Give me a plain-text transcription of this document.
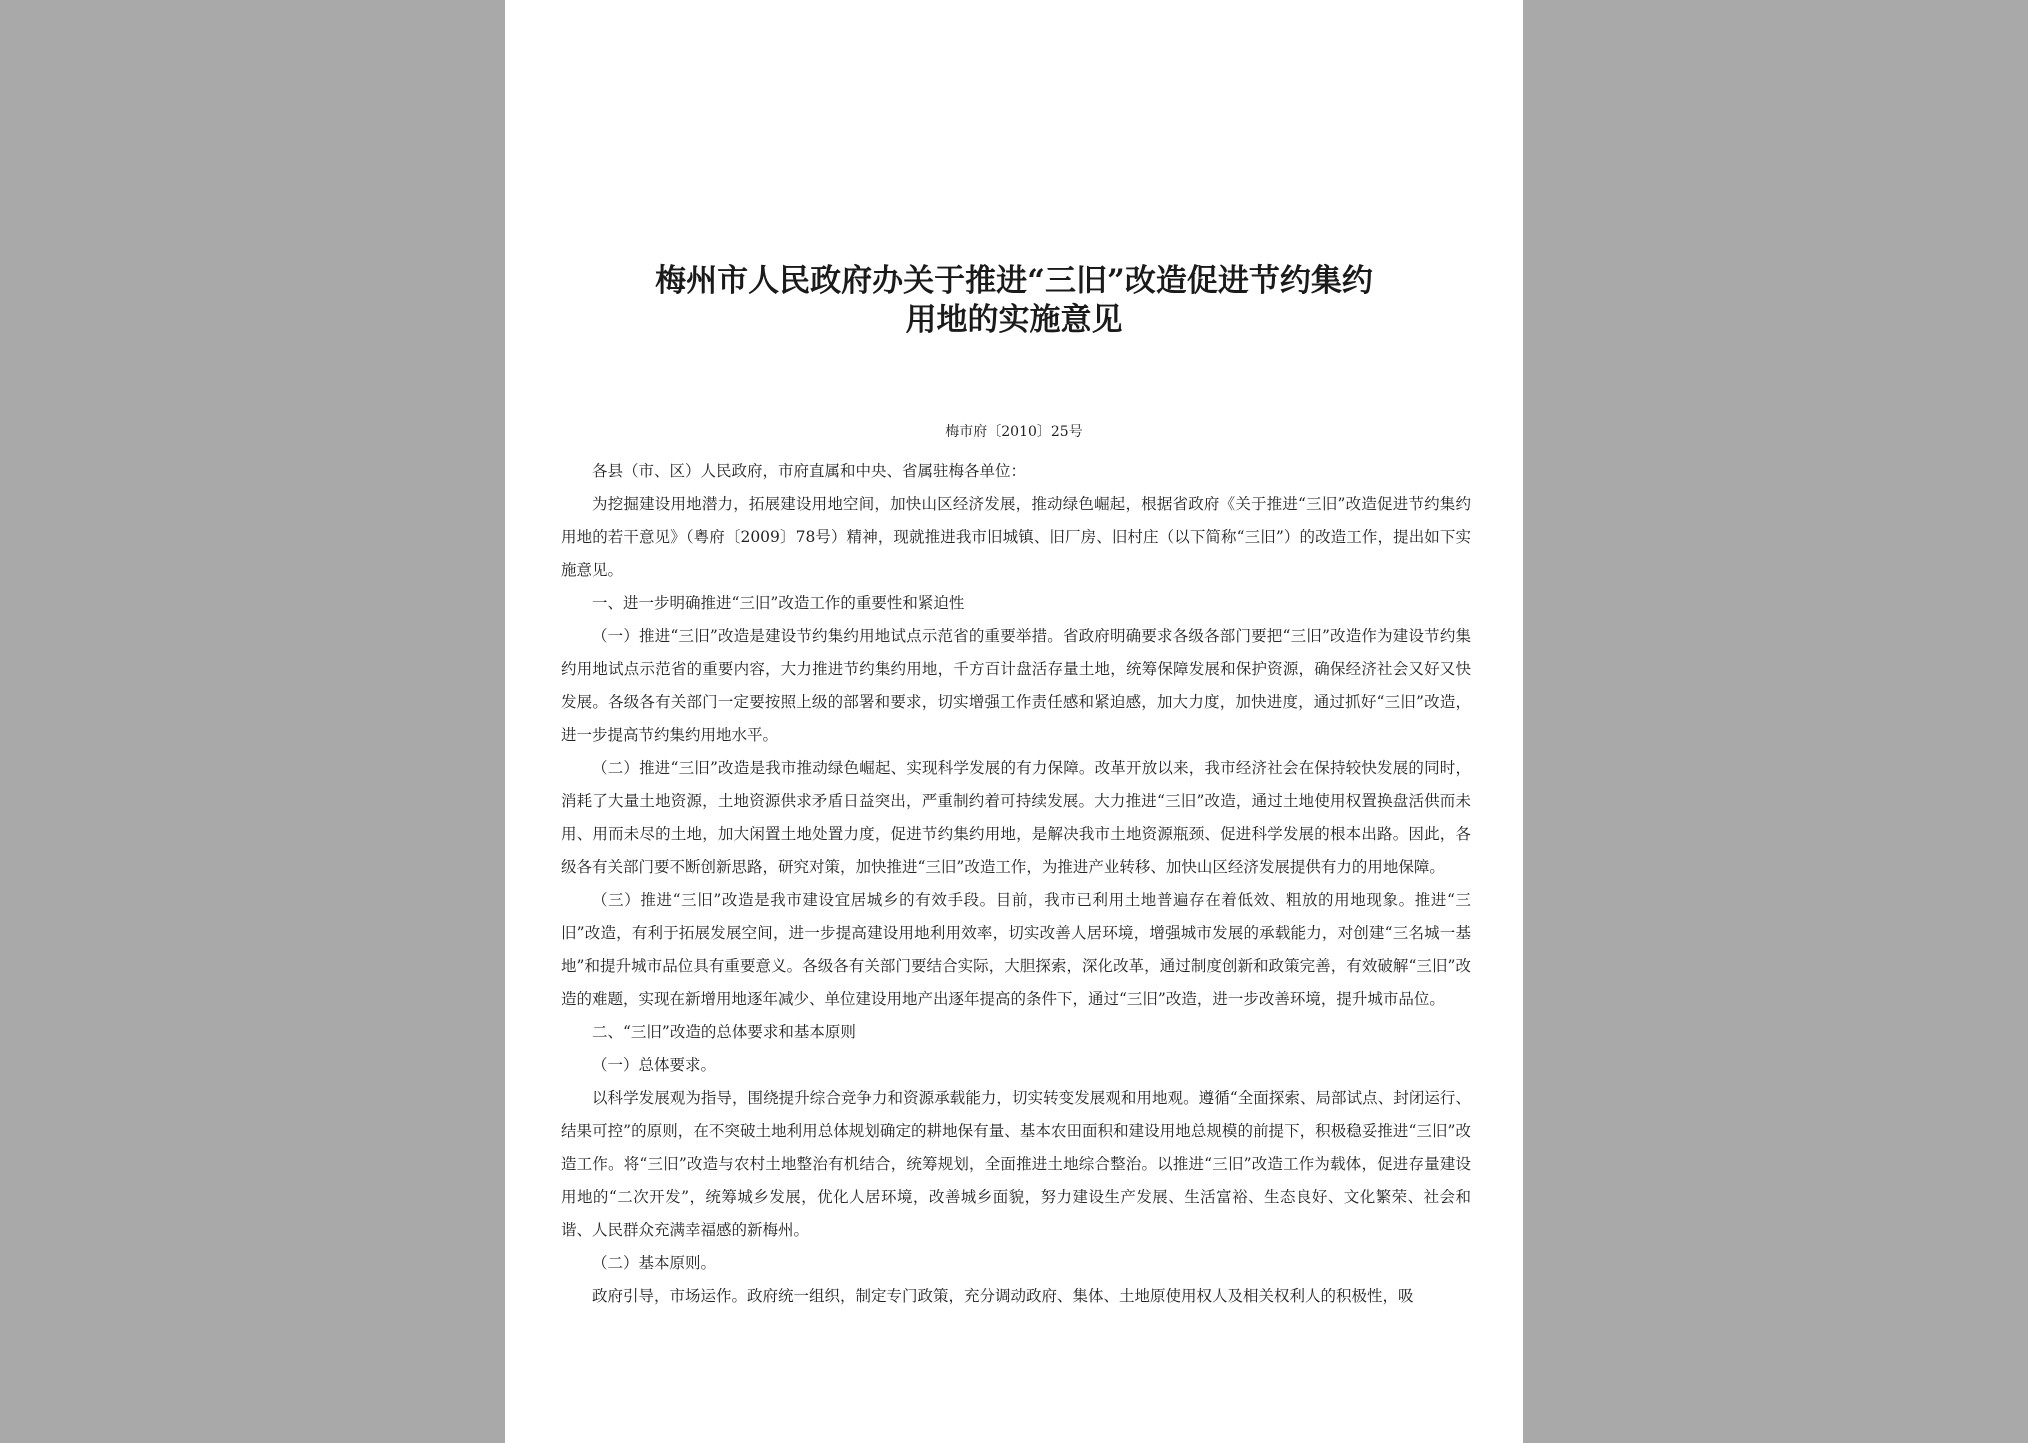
梅州市人民政府办关于推进“三旧”改造促进节约集约
用地的实施意见
梅市府〔2010〕25号

各县（市、区）人民政府，市府直属和中央、省属驻梅各单位：

为挖掘建设用地潜力，拓展建设用地空间，加快山区经济发展，推动绿色崛起，根据省政府《关于推进“三旧”改造促进节约集约用地的若干意见》（粤府〔2009〕78号）精神，现就推进我市旧城镇、旧厂房、旧村庄（以下简称“三旧”）的改造工作，提出如下实施意见。

一、进一步明确推进“三旧”改造工作的重要性和紧迫性

（一）推进“三旧”改造是建设节约集约用地试点示范省的重要举措。省政府明确要求各级各部门要把“三旧”改造作为建设节约集约用地试点示范省的重要内容，大力推进节约集约用地，千方百计盘活存量土地，统筹保障发展和保护资源，确保经济社会又好又快发展。各级各有关部门一定要按照上级的部署和要求，切实增强工作责任感和紧迫感，加大力度，加快进度，通过抓好“三旧”改造，进一步提高节约集约用地水平。

（二）推进“三旧”改造是我市推动绿色崛起、实现科学发展的有力保障。改革开放以来，我市经济社会在保持较快发展的同时，消耗了大量土地资源，土地资源供求矛盾日益突出，严重制约着可持续发展。大力推进“三旧”改造，通过土地使用权置换盘活供而未用、用而未尽的土地，加大闲置土地处置力度，促进节约集约用地，是解决我市土地资源瓶颈、促进科学发展的根本出路。因此，各级各有关部门要不断创新思路，研究对策，加快推进“三旧”改造工作，为推进产业转移、加快山区经济发展提供有力的用地保障。

（三）推进“三旧”改造是我市建设宜居城乡的有效手段。目前，我市已利用土地普遍存在着低效、粗放的用地现象。推进“三旧”改造，有利于拓展发展空间，进一步提高建设用地利用效率，切实改善人居环境，增强城市发展的承载能力，对创建“三名城一基地”和提升城市品位具有重要意义。各级各有关部门要结合实际，大胆探索，深化改革，通过制度创新和政策完善，有效破解“三旧”改造的难题，实现在新增用地逐年减少、单位建设用地产出逐年提高的条件下，通过“三旧”改造，进一步改善环境，提升城市品位。

二、“三旧”改造的总体要求和基本原则

（一）总体要求。

以科学发展观为指导，围绕提升综合竞争力和资源承载能力，切实转变发展观和用地观。遵循“全面探索、局部试点、封闭运行、结果可控”的原则，在不突破土地利用总体规划确定的耕地保有量、基本农田面积和建设用地总规模的前提下，积极稳妥推进“三旧”改造工作。将“三旧”改造与农村土地整治有机结合，统筹规划，全面推进土地综合整治。以推进“三旧”改造工作为载体，促进存量建设用地的“二次开发”，统筹城乡发展，优化人居环境，改善城乡面貌，努力建设生产发展、生活富裕、生态良好、文化繁荣、社会和谐、人民群众充满幸福感的新梅州。

（二）基本原则。

政府引导，市场运作。政府统一组织，制定专门政策，充分调动政府、集体、土地原使用权人及相关权利人的积极性，吸
